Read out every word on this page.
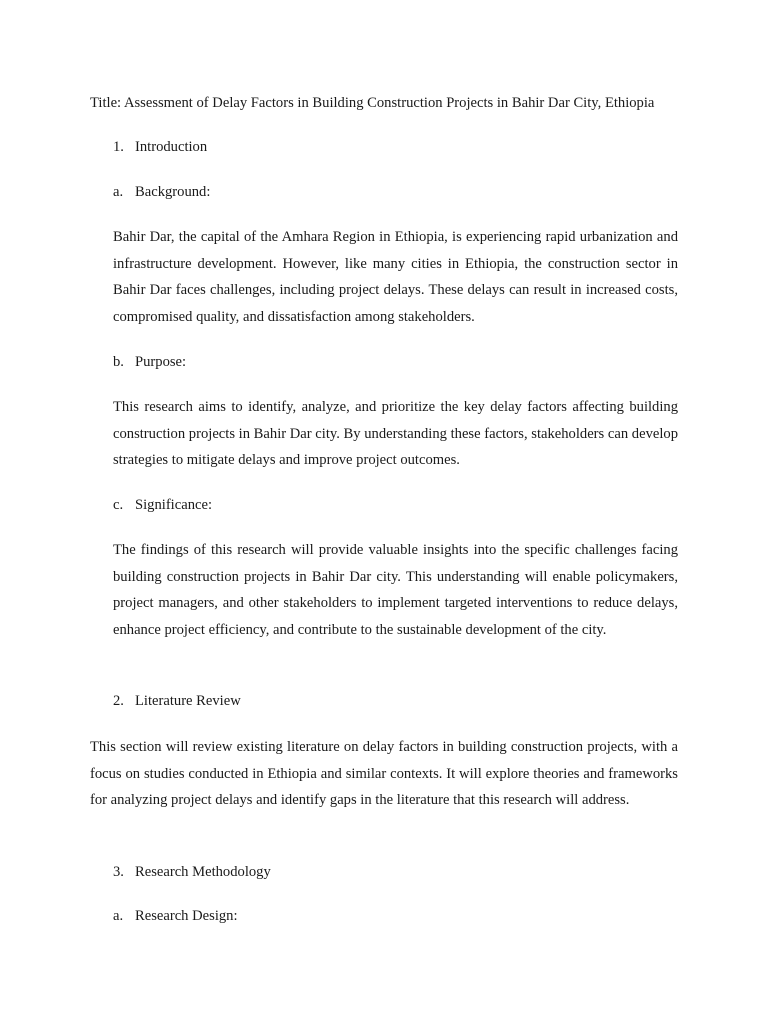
Title: Assessment of Delay Factors in Building Construction Projects in Bahir Dar City, Ethiopia
1. Introduction
a. Background:
Bahir Dar, the capital of the Amhara Region in Ethiopia, is experiencing rapid urbanization and infrastructure development. However, like many cities in Ethiopia, the construction sector in Bahir Dar faces challenges, including project delays. These delays can result in increased costs, compromised quality, and dissatisfaction among stakeholders.
b. Purpose:
This research aims to identify, analyze, and prioritize the key delay factors affecting building construction projects in Bahir Dar city. By understanding these factors, stakeholders can develop strategies to mitigate delays and improve project outcomes.
c. Significance:
The findings of this research will provide valuable insights into the specific challenges facing building construction projects in Bahir Dar city. This understanding will enable policymakers, project managers, and other stakeholders to implement targeted interventions to reduce delays, enhance project efficiency, and contribute to the sustainable development of the city.
2. Literature Review
This section will review existing literature on delay factors in building construction projects, with a focus on studies conducted in Ethiopia and similar contexts. It will explore theories and frameworks for analyzing project delays and identify gaps in the literature that this research will address.
3. Research Methodology
a. Research Design:
